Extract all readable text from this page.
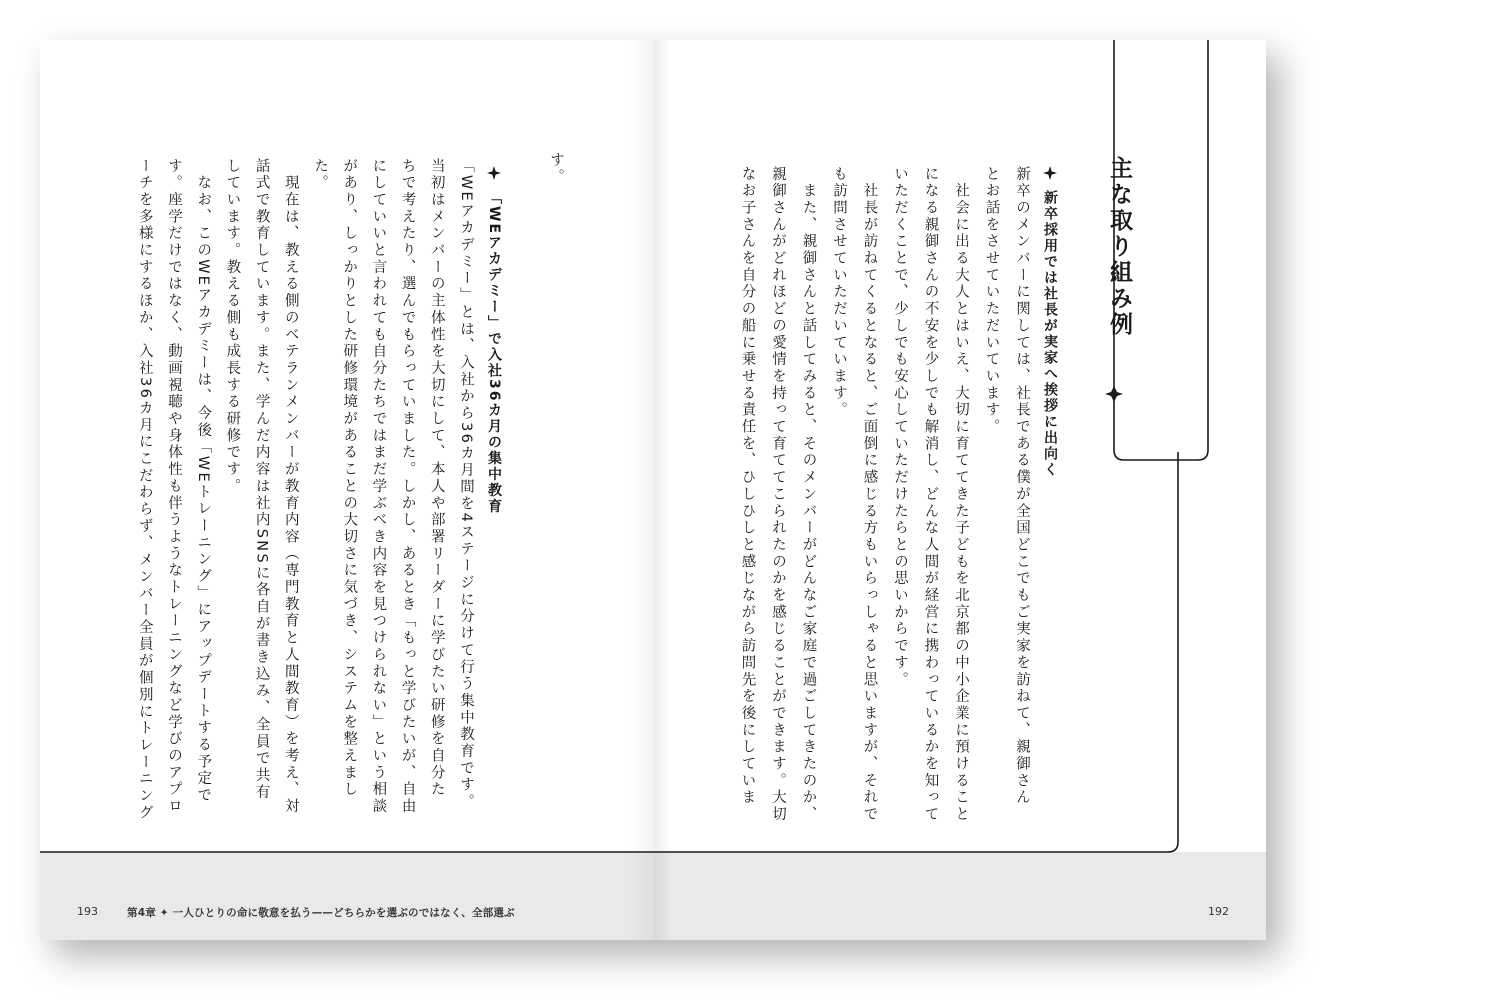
主な取り組み例
新卒採用では社長が実家へ挨拶に出向く
新卒のメンバーに関しては、社長である僕が全国どこでもご実家を訪ねて、親御さん
とお話をさせていただいています。
　社会に出る大人とはいえ、大切に育ててきた子どもを北京都の中小企業に預けること
になる親御さんの不安を少しでも解消し、どんな人間が経営に携わっているかを知って
いただくことで、少しでも安心していただけたらとの思いからです。
　社長が訪ねてくるとなると、ご面倒に感じる方もいらっしゃると思いますが、それで
も訪問させていただいています。
　また、親御さんと話してみると、そのメンバーがどんなご家庭で過ごしてきたのか、
親御さんがどれほどの愛情を持って育ててこられたのかを感じることができます。大切
なお子さんを自分の船に乗せる責任を、ひしひしと感じながら訪問先を後にしていま
す。
「WEアカデミー」で入社36カ月の集中教育
「WEアカデミー」とは、入社から36カ月間を4ステージに分けて行う集中教育です。
当初はメンバーの主体性を大切にして、本人や部署リーダーに学びたい研修を自分た
ちで考えたり、選んでもらっていました。しかし、あるとき「もっと学びたいが、自由
にしていいと言われても自分たちではまだ学ぶべき内容を見つけられない」という相談
があり、しっかりとした研修環境があることの大切さに気づき、システムを整えまし
た。
　現在は、教える側のベテランメンバーが教育内容（専門教育と人間教育）を考え、対
話式で教育しています。また、学んだ内容は社内SNSに各自が書き込み、全員で共有
しています。教える側も成長する研修です。
　なお、このWEアカデミーは、今後「WEトレーニング」にアップデートする予定で
す。座学だけではなく、動画視聴や身体性も伴うようなトレーニングなど学びのアプロ
ーチを多様にするほか、入社36カ月にこだわらず、メンバー全員が個別にトレーニング
193	第4章 ✦ 一人ひとりの命に敬意を払う——どちらかを選ぶのではなく、全部選ぶ	192
